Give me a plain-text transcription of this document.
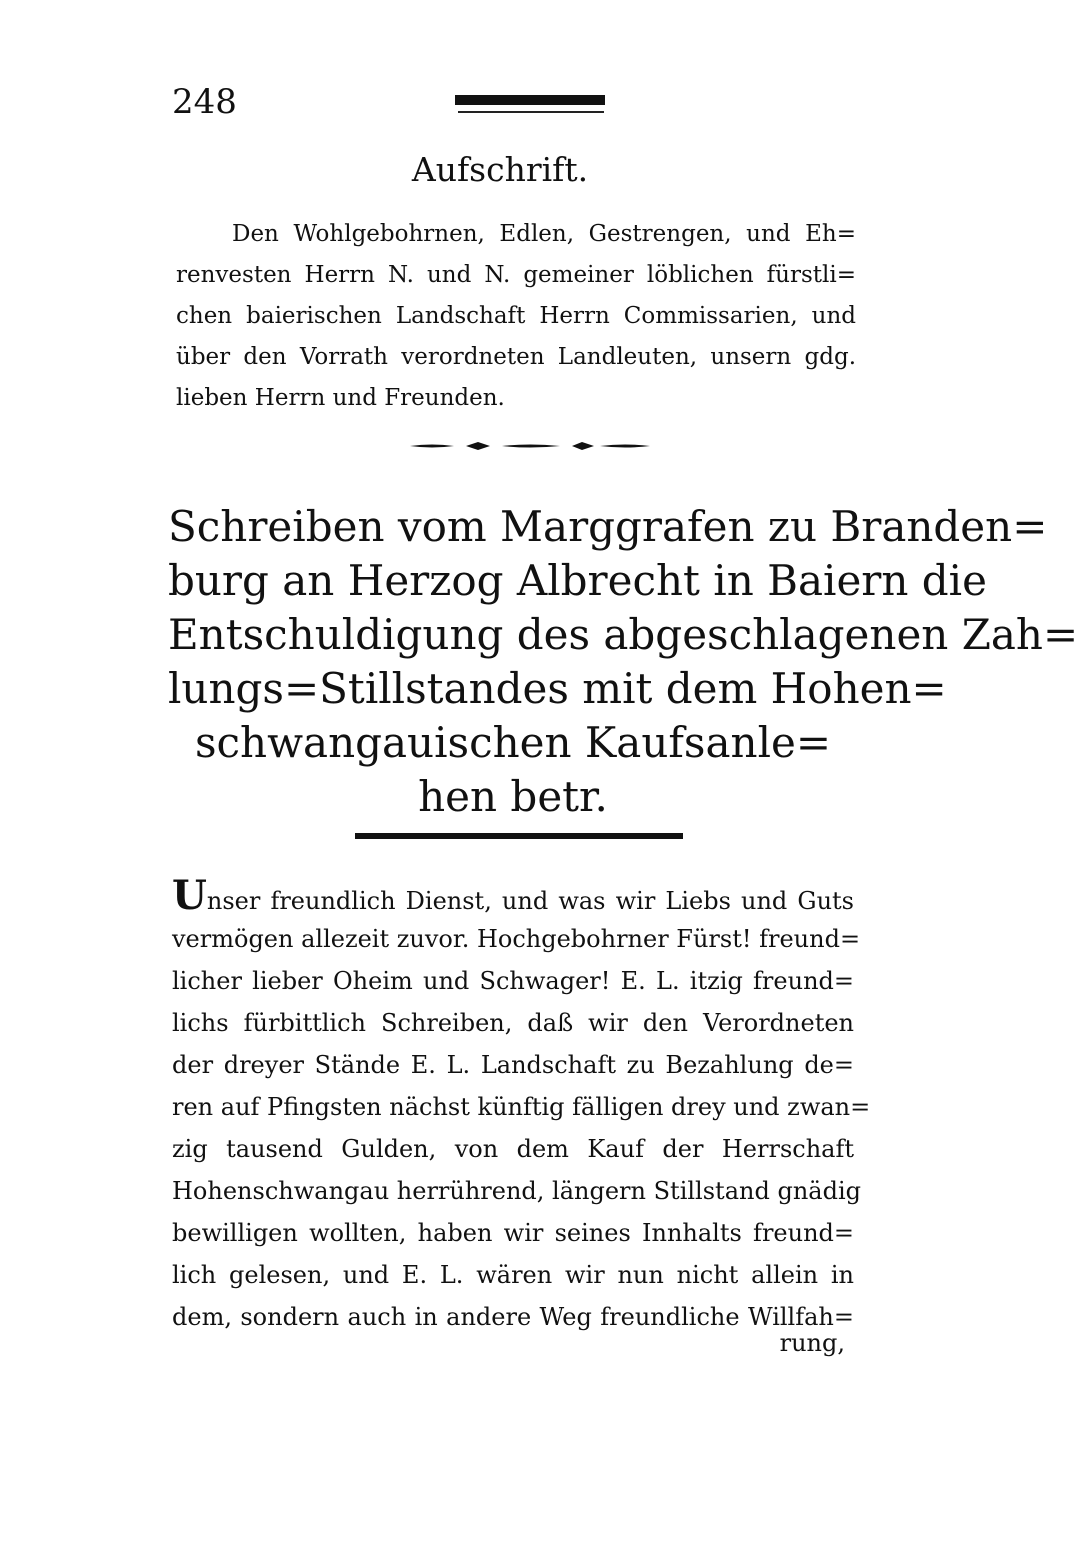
248
Aufschrift.
Den Wohlgebohrnen, Edlen, Gestrengen, und Eh=
renvesten Herrn N. und N. gemeiner löblichen fürstli=
chen baierischen Landschaft Herrn Commissarien, und
über den Vorrath verordneten Landleuten, unsern gdg.
lieben Herrn und Freunden.
Schreiben vom Marggrafen zu Branden=
burg an Herzog Albrecht in Baiern die
Entschuldigung des abgeschlagenen Zah=
lungs=Stillstandes mit dem Hohen=
schwangauischen Kaufsanle=
hen betr.
Unser freundlich Dienst, und was wir Liebs und Guts
vermögen allezeit zuvor. Hochgebohrner Fürst! freund=
licher lieber Oheim und Schwager! E. L. itzig freund=
lichs fürbittlich Schreiben, daß wir den Verordneten
der dreyer Stände E. L. Landschaft zu Bezahlung de=
ren auf Pfingsten nächst künftig fälligen drey und zwan=
zig tausend Gulden, von dem Kauf der Herrschaft
Hohenschwangau herrührend, längern Stillstand gnädig
bewilligen wollten, haben wir seines Innhalts freund=
lich gelesen, und E. L. wären wir nun nicht allein in
dem, sondern auch in andere Weg freundliche Willfah=
rung,
